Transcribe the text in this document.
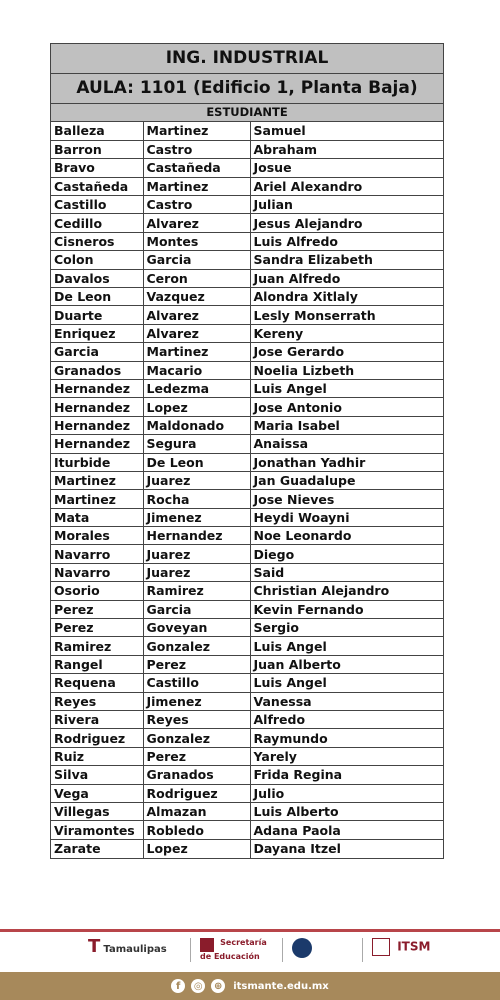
ING. INDUSTRIAL
AULA: 1101 (Edificio 1, Planta Baja)
ESTUDIANTE
Balleza	Martinez	Samuel
Barron	Castro	Abraham
Bravo	Castañeda	Josue
Castañeda	Martinez	Ariel Alexandro
Castillo	Castro	Julian
Cedillo	Alvarez	Jesus Alejandro
Cisneros	Montes	Luis Alfredo
Colon	Garcia	Sandra Elizabeth
Davalos	Ceron	Juan Alfredo
De Leon	Vazquez	Alondra Xitlaly
Duarte	Alvarez	Lesly Monserrath
Enriquez	Alvarez	Kereny
Garcia	Martinez	Jose Gerardo
Granados	Macario	Noelia Lizbeth
Hernandez	Ledezma	Luis Angel
Hernandez	Lopez	Jose Antonio
Hernandez	Maldonado	Maria Isabel
Hernandez	Segura	Anaissa
Iturbide	De Leon	Jonathan Yadhir
Martinez	Juarez	Jan Guadalupe
Martinez	Rocha	Jose Nieves
Mata	Jimenez	Heydi Woayni
Morales	Hernandez	Noe Leonardo
Navarro	Juarez	Diego
Navarro	Juarez	Said
Osorio	Ramirez	Christian Alejandro
Perez	Garcia	Kevin Fernando
Perez	Goveyan	Sergio
Ramirez	Gonzalez	Luis Angel
Rangel	Perez	Juan Alberto
Requena	Castillo	Luis Angel
Reyes	Jimenez	Vanessa
Rivera	Reyes	Alfredo
Rodriguez	Gonzalez	Raymundo
Ruiz	Perez	Yarely
Silva	Granados	Frida Regina
Vega	Rodriguez	Julio
Villegas	Almazan	Luis Alberto
Viramontes	Robledo	Adana Paola
Zarate	Lopez	Dayana Itzel
T Tamaulipas
Secretaría de Educación
ITSM
f	◎ ⊕ itsmante.edu.mx
